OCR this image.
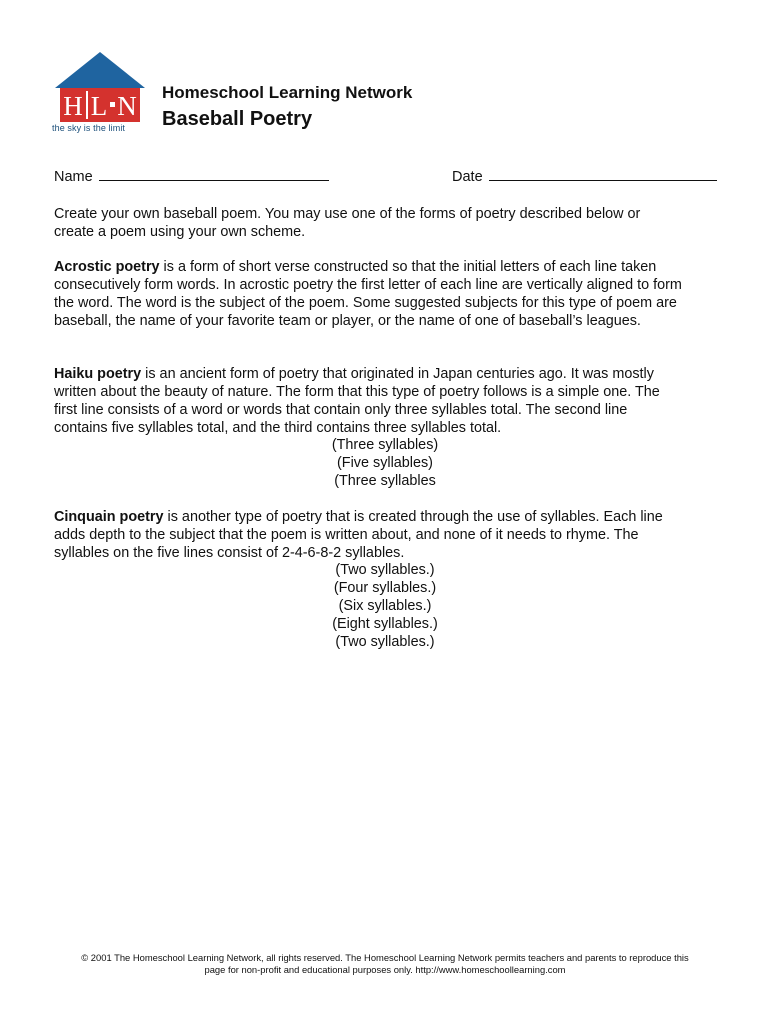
H L N
the sky is the limit
Homeschool Learning Network
Baseball Poetry
Name	Date
Create your own baseball poem. You may use one of the forms of poetry described below or
create a poem using your own scheme.
Acrostic poetry is a form of short verse constructed so that the initial letters of each line taken
consecutively form words. In acrostic poetry the first letter of each line are vertically aligned to form
the word. The word is the subject of the poem. Some suggested subjects for this type of poem are
baseball, the name of your favorite team or player, or the name of one of baseball’s leagues.
Haiku poetry is an ancient form of poetry that originated in Japan centuries ago. It was mostly
written about the beauty of nature. The form that this type of poetry follows is a simple one. The
first line consists of a word or words that contain only three syllables total. The second line
contains five syllables total, and the third contains three syllables total.
(Three syllables)
(Five syllables)
(Three syllables
Cinquain poetry is another type of poetry that is created through the use of syllables. Each line
adds depth to the subject that the poem is written about, and none of it needs to rhyme. The
syllables on the five lines consist of 2-4-6-8-2 syllables.
(Two syllables.)
(Four syllables.)
(Six syllables.)
(Eight syllables.)
(Two syllables.)
© 2001 The Homeschool Learning Network, all rights reserved. The Homeschool Learning Network permits teachers and parents to reproduce this
page for non-profit and educational purposes only. http://www.homeschoollearning.com
